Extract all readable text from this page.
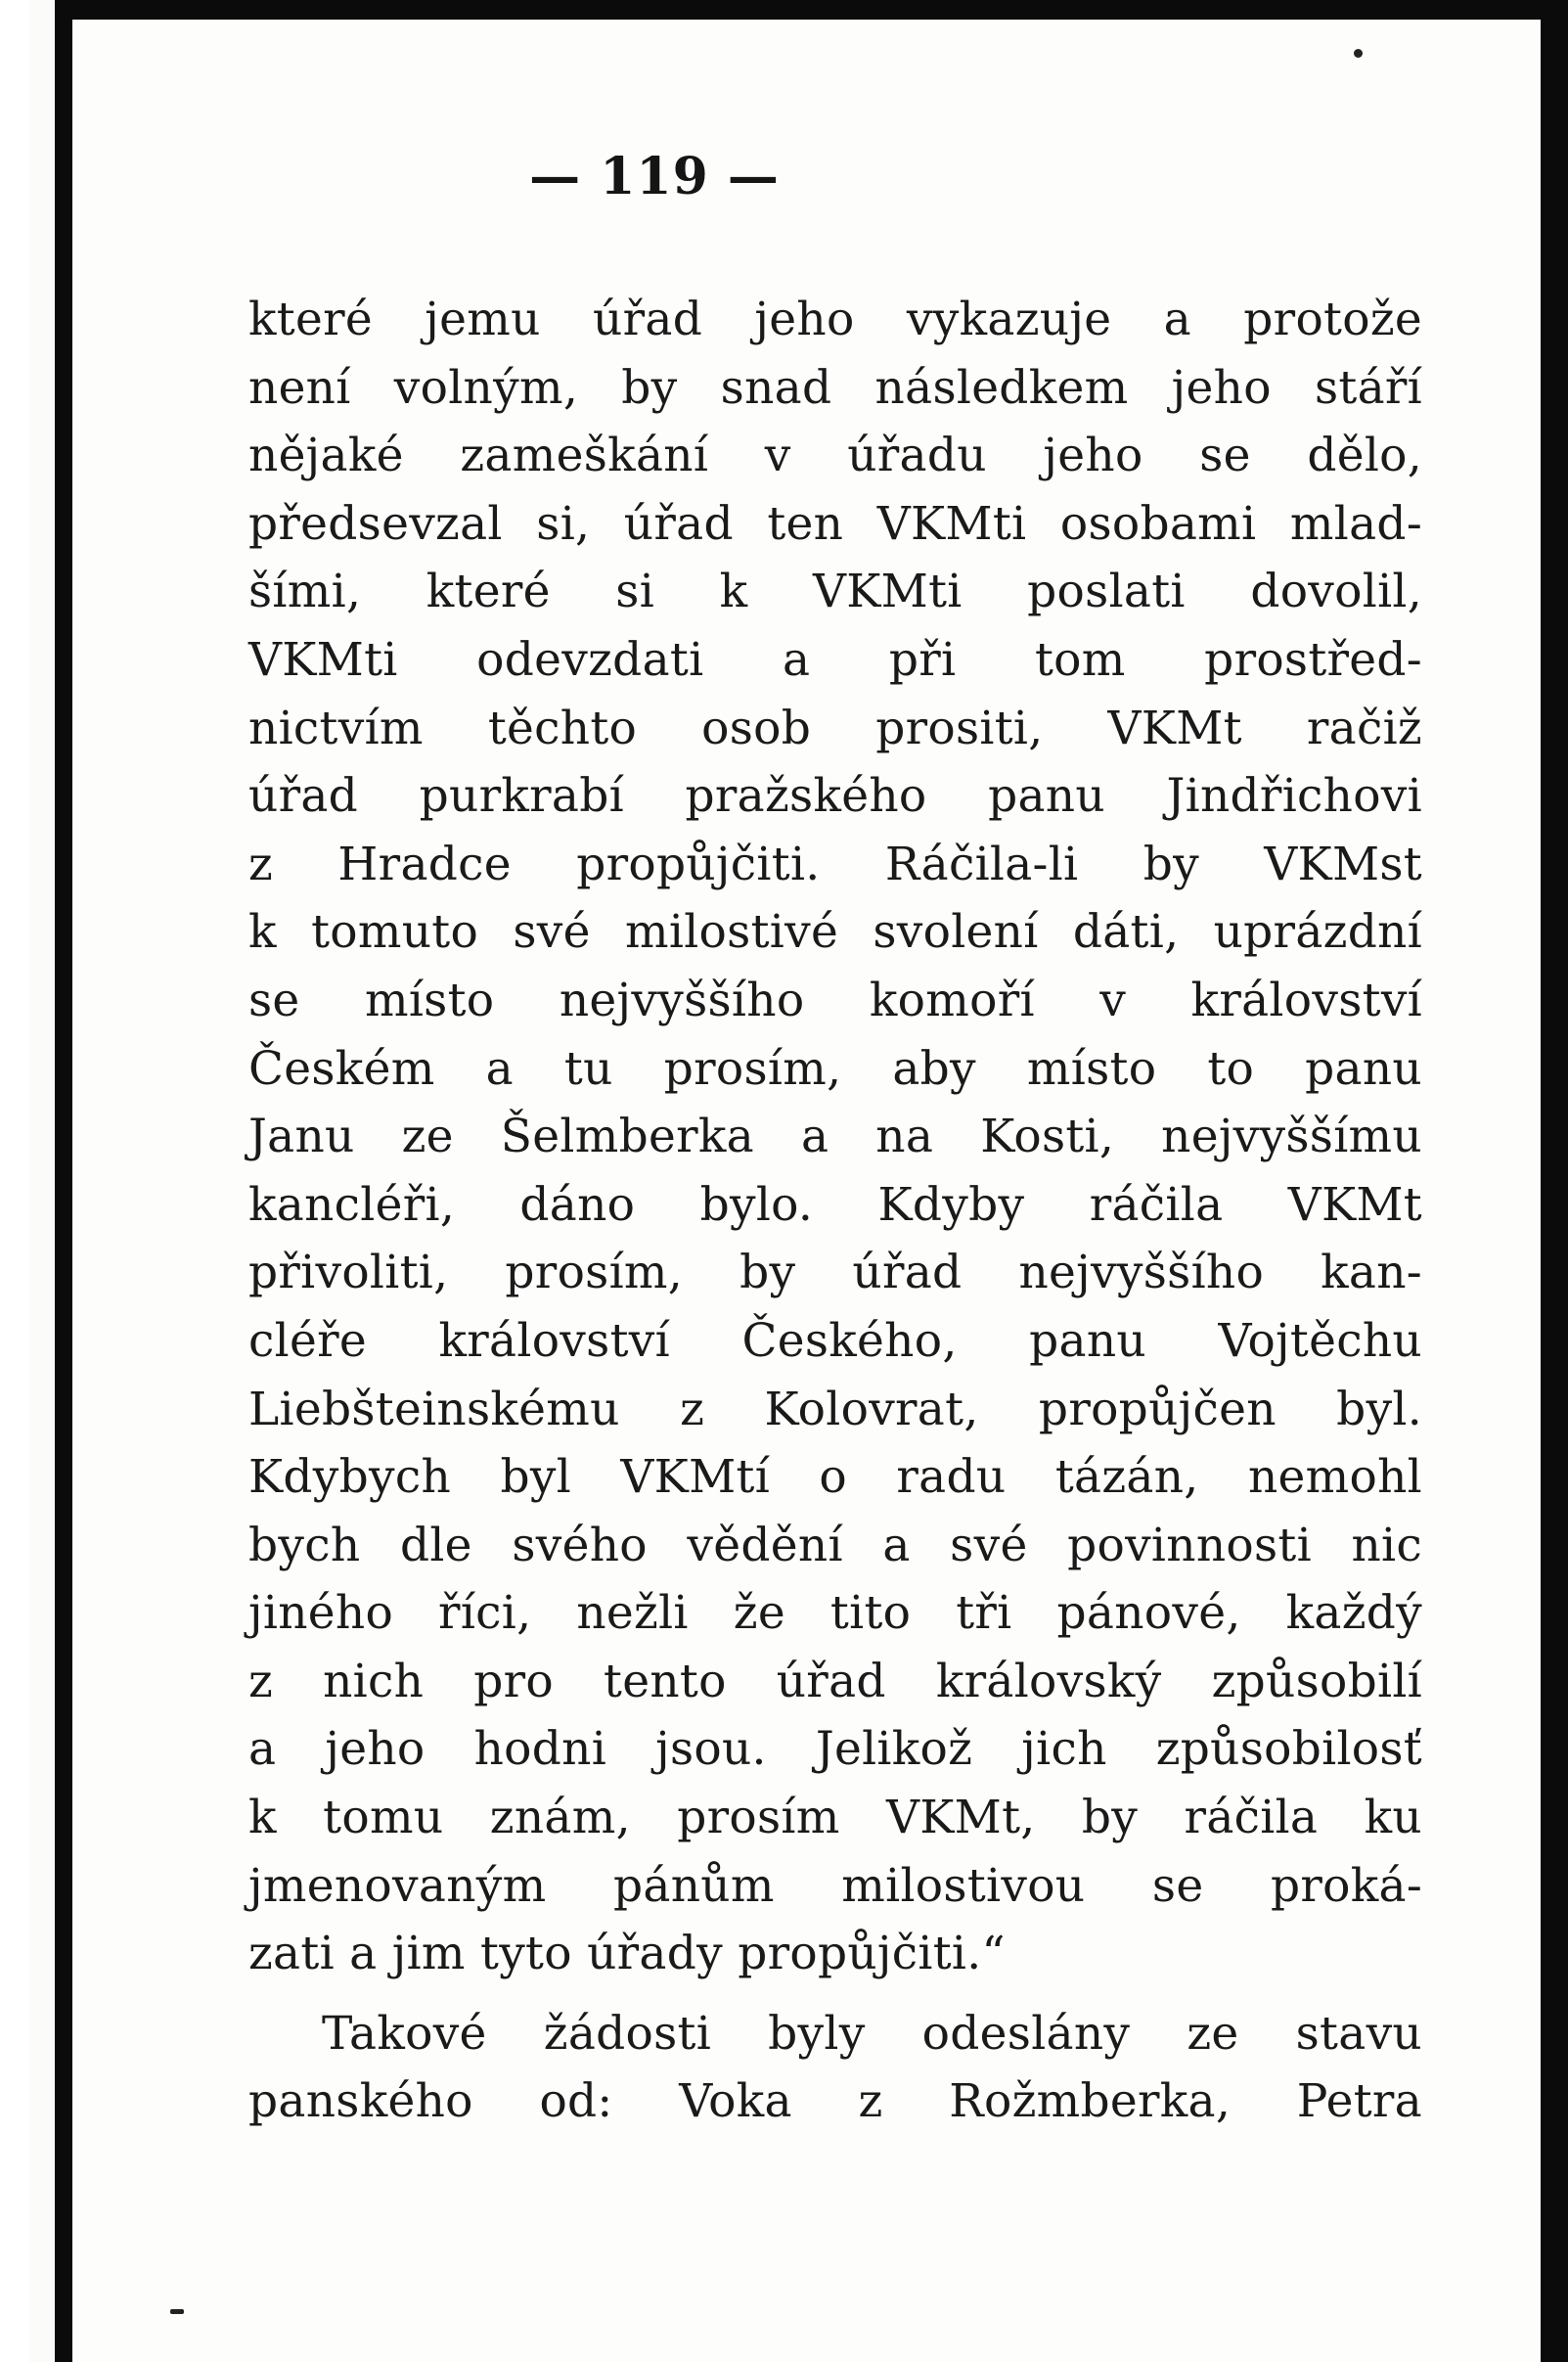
— 119 —
které jemu úřad jeho vykazuje a protože
není volným, by snad následkem jeho stáří
nějaké zameškání v úřadu jeho se dělo,
předsevzal si, úřad ten VKMti osobami mlad-
šími, které si k VKMti poslati dovolil,
VKMti odevzdati a při tom prostřed-
nictvím těchto osob prositi, VKMt račiž
úřad purkrabí pražského panu Jindřichovi
z Hradce propůjčiti. Ráčila-li by VKMst
k tomuto své milostivé svolení dáti, uprázdní
se místo nejvyššího komoří v království
Českém a tu prosím, aby místo to panu
Janu ze Šelmberka a na Kosti, nejvyššímu
kancléři, dáno bylo. Kdyby ráčila VKMt
přivoliti, prosím, by úřad nejvyššího kan-
cléře království Českého, panu Vojtěchu
Liebšteinskému z Kolovrat, propůjčen byl.
Kdybych byl VKMtí o radu tázán, nemohl
bych dle svého vědění a své povinnosti nic
jiného říci, nežli že tito tři pánové, každý
z nich pro tento úřad královský způsobilí
a jeho hodni jsou. Jelikož jich způsobilosť
k tomu znám, prosím VKMt, by ráčila ku
jmenovaným pánům milostivou se proká-
zati a jim tyto úřady propůjčiti.“
Takové žádosti byly odeslány ze stavu
panského od: Voka z Rožmberka, Petra
